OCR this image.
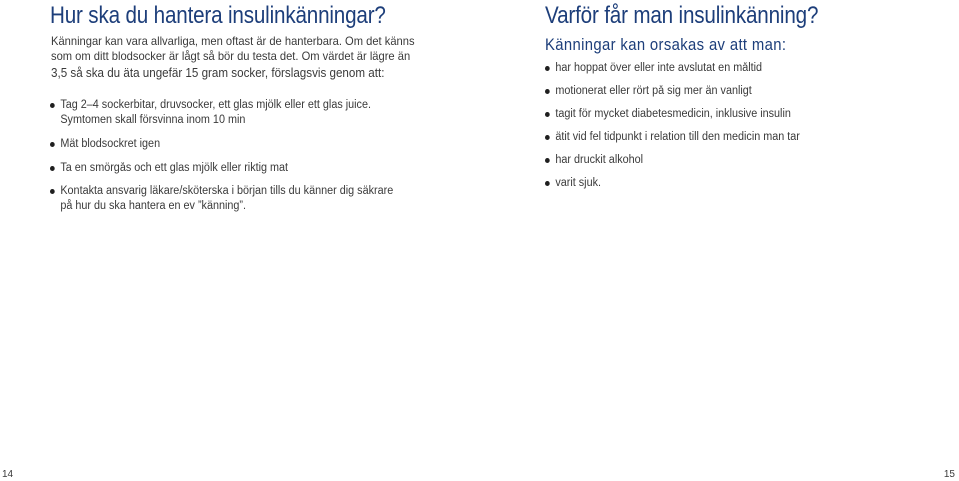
Hur ska du hantera insulinkänningar?

Känningar kan vara allvarliga, men oftast är de hanterbara. Om det känns
som om ditt blodsocker är lågt så bör du testa det. Om värdet är lägre än

3,5 så ska du äta ungefär 15 gram socker, förslagsvis genom att:

Tag 2–4 sockerbitar, druvsocker, ett glas mjölk eller ett glas juice.
Symtomen skall försvinna inom 10 min
Mät blodsockret igen
Ta en smörgås och ett glas mjölk eller riktig mat
Kontakta ansvarig läkare/sköterska i början tills du känner dig säkrare
på hur du ska hantera en ev ”känning”.
14
Varför får man insulinkänning?
Känningar kan orsakas av att man:
har hoppat över eller inte avslutat en måltid
motionerat eller rört på sig mer än vanligt
tagit för mycket diabetesmedicin, inklusive insulin
ätit vid fel tidpunkt i relation till den medicin man tar
har druckit alkohol
varit sjuk.
15
